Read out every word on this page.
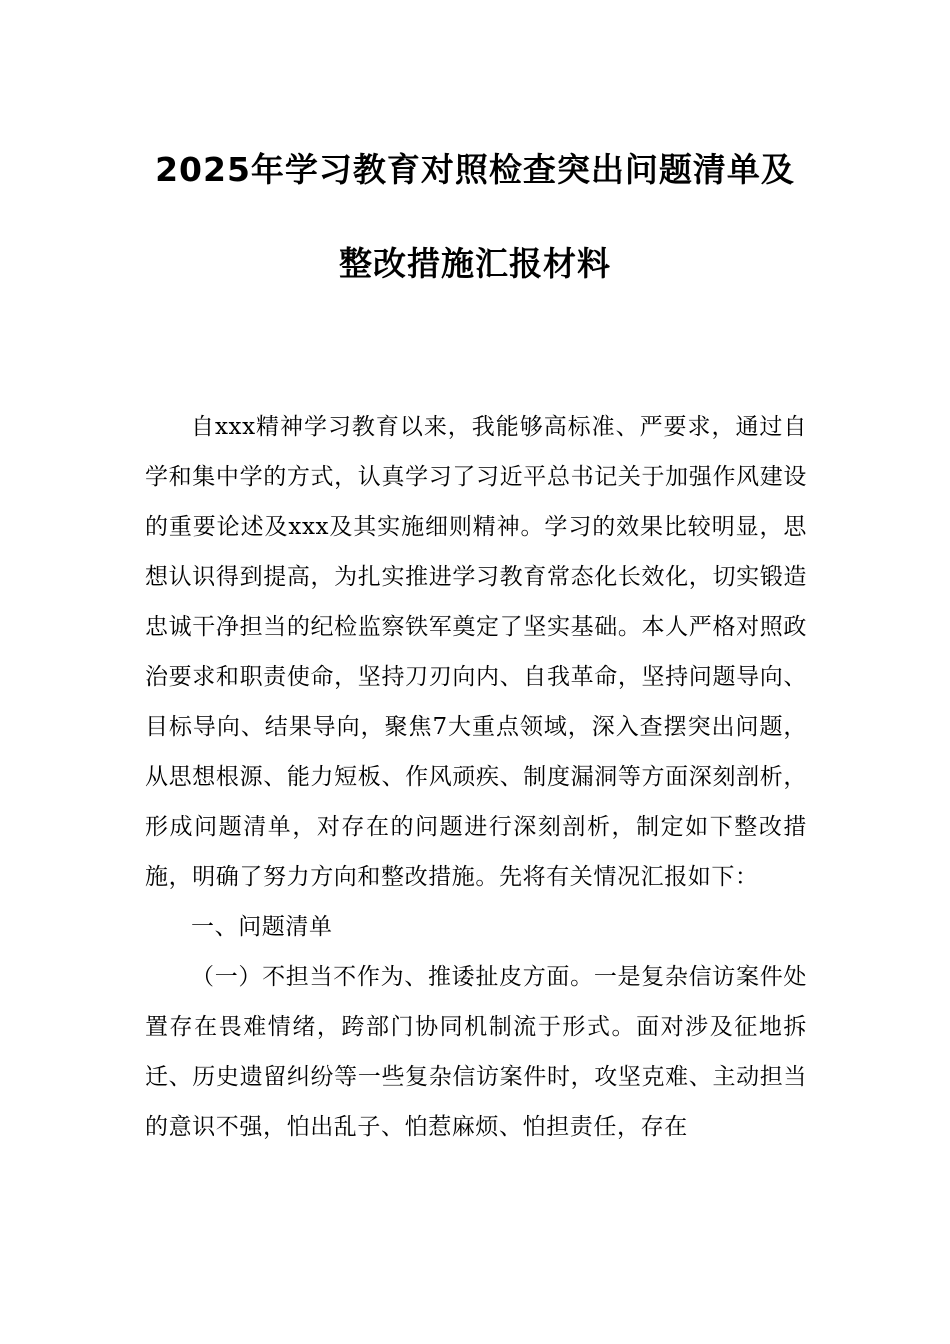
2025年学习教育对照检查突出问题清单及
整改措施汇报材料

自xxx精神学习教育以来，我能够高标准、严要求，通过自学和集中学的方式，认真学习了习近平总书记关于加强作风建设的重要论述及xxx及其实施细则精神。学习的效果比较明显，思想认识得到提高，为扎实推进学习教育常态化长效化，切实锻造忠诚干净担当的纪检监察铁军奠定了坚实基础。本人严格对照政治要求和职责使命，坚持刀刃向内、自我革命，坚持问题导向、目标导向、结果导向，聚焦7大重点领域，深入查摆突出问题，从思想根源、能力短板、作风顽疾、制度漏洞等方面深刻剖析，形成问题清单，对存在的问题进行深刻剖析，制定如下整改措施，明确了努力方向和整改措施。先将有关情况汇报如下：

一、问题清单

（一）不担当不作为、推诿扯皮方面。一是复杂信访案件处置存在畏难情绪，跨部门协同机制流于形式。面对涉及征地拆迁、历史遗留纠纷等一些复杂信访案件时，攻坚克难、主动担当的意识不强，怕出乱子、怕惹麻烦、怕担责任，存在
